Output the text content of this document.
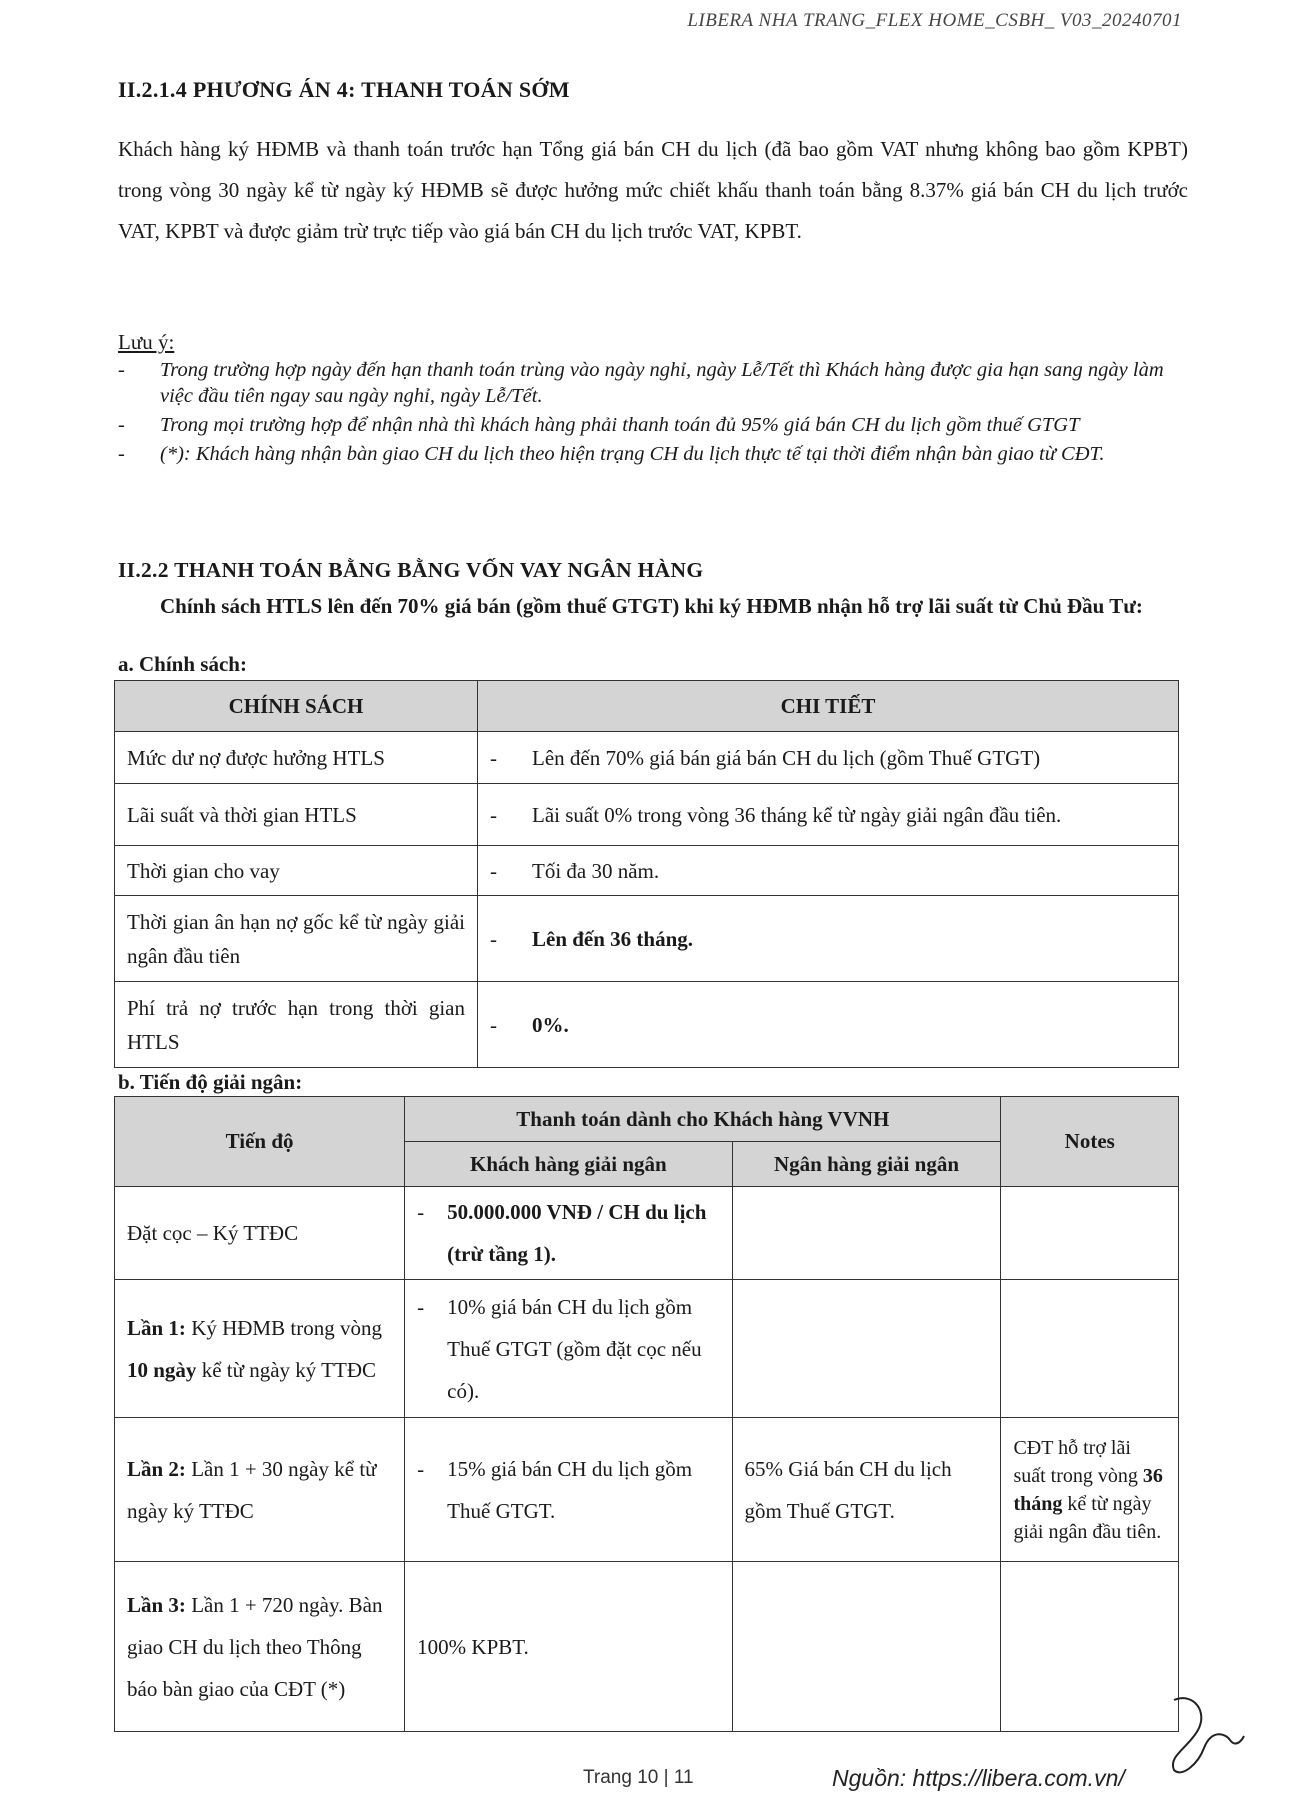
LIBERA NHA TRANG_FLEX HOME_CSBH_ V03_20240701
II.2.1.4 PHƯƠNG ÁN 4: THANH TOÁN SỚM
Khách hàng ký HĐMB và thanh toán trước hạn Tổng giá bán CH du lịch (đã bao gồm VAT nhưng không bao gồm KPBT) trong vòng 30 ngày kể từ ngày ký HĐMB sẽ được hưởng mức chiết khấu thanh toán bằng 8.37% giá bán CH du lịch trước VAT, KPBT và được giảm trừ trực tiếp vào giá bán CH du lịch trước VAT, KPBT.
Lưu ý:
- Trong trường hợp ngày đến hạn thanh toán trùng vào ngày nghỉ, ngày Lễ/Tết thì Khách hàng được gia hạn sang ngày làm việc đầu tiên ngay sau ngày nghỉ, ngày Lễ/Tết.
- Trong mọi trường hợp để nhận nhà thì khách hàng phải thanh toán đủ 95% giá bán CH du lịch gồm thuế GTGT
- (*): Khách hàng nhận bàn giao CH du lịch theo hiện trạng CH du lịch thực tế tại thời điểm nhận bàn giao từ CĐT.
II.2.2 THANH TOÁN BẰNG BẰNG VỐN VAY NGÂN HÀNG
Chính sách HTLS lên đến 70% giá bán (gồm thuế GTGT) khi ký HĐMB nhận hỗ trợ lãi suất từ Chủ Đầu Tư:
a. Chính sách:
CHÍNH SÁCH	CHI TIẾT
Mức dư nợ được hưởng HTLS	- Lên đến 70% giá bán giá bán CH du lịch (gồm Thuế GTGT)

Lãi suất và thời gian HTLS	- Lãi suất 0% trong vòng 36 tháng kể từ ngày giải ngân đầu tiên.

Thời gian cho vay	- Tối đa 30 năm.

Thời gian ân hạn nợ gốc kể từ ngày giải ngân đầu tiên	- Lên đến 36 tháng.

Phí trả nợ trước hạn trong thời gian HTLS	- 0%.
b. Tiến độ giải ngân:
Tiến độ	Thanh toán dành cho Khách hàng VVNH		Notes
	Khách hàng giải ngân	Ngân hàng giải ngân	
Đặt cọc – Ký TTĐC	- 50.000.000 VNĐ / CH du lịch (trừ tầng 1).		

Lần 1: Ký HĐMB trong vòng 10 ngày kể từ ngày ký TTĐC	- 10% giá bán CH du lịch gồm Thuế GTGT (gồm đặt cọc nếu có).		

Lần 2: Lần 1 + 30 ngày kể từ ngày ký TTĐC	- 15% giá bán CH du lịch gồm Thuế GTGT.	65% Giá bán CH du lịch gồm Thuế GTGT.	CĐT hỗ trợ lãi suất trong vòng 36 tháng kể từ ngày giải ngân đầu tiên.
Lần 3: Lần 1 + 720 ngày. Bàn giao CH du lịch theo Thông báo bàn giao của CĐT (*)	100% KPBT.		
Trang 10 | 11	Nguồn: https://libera.com.vn/
